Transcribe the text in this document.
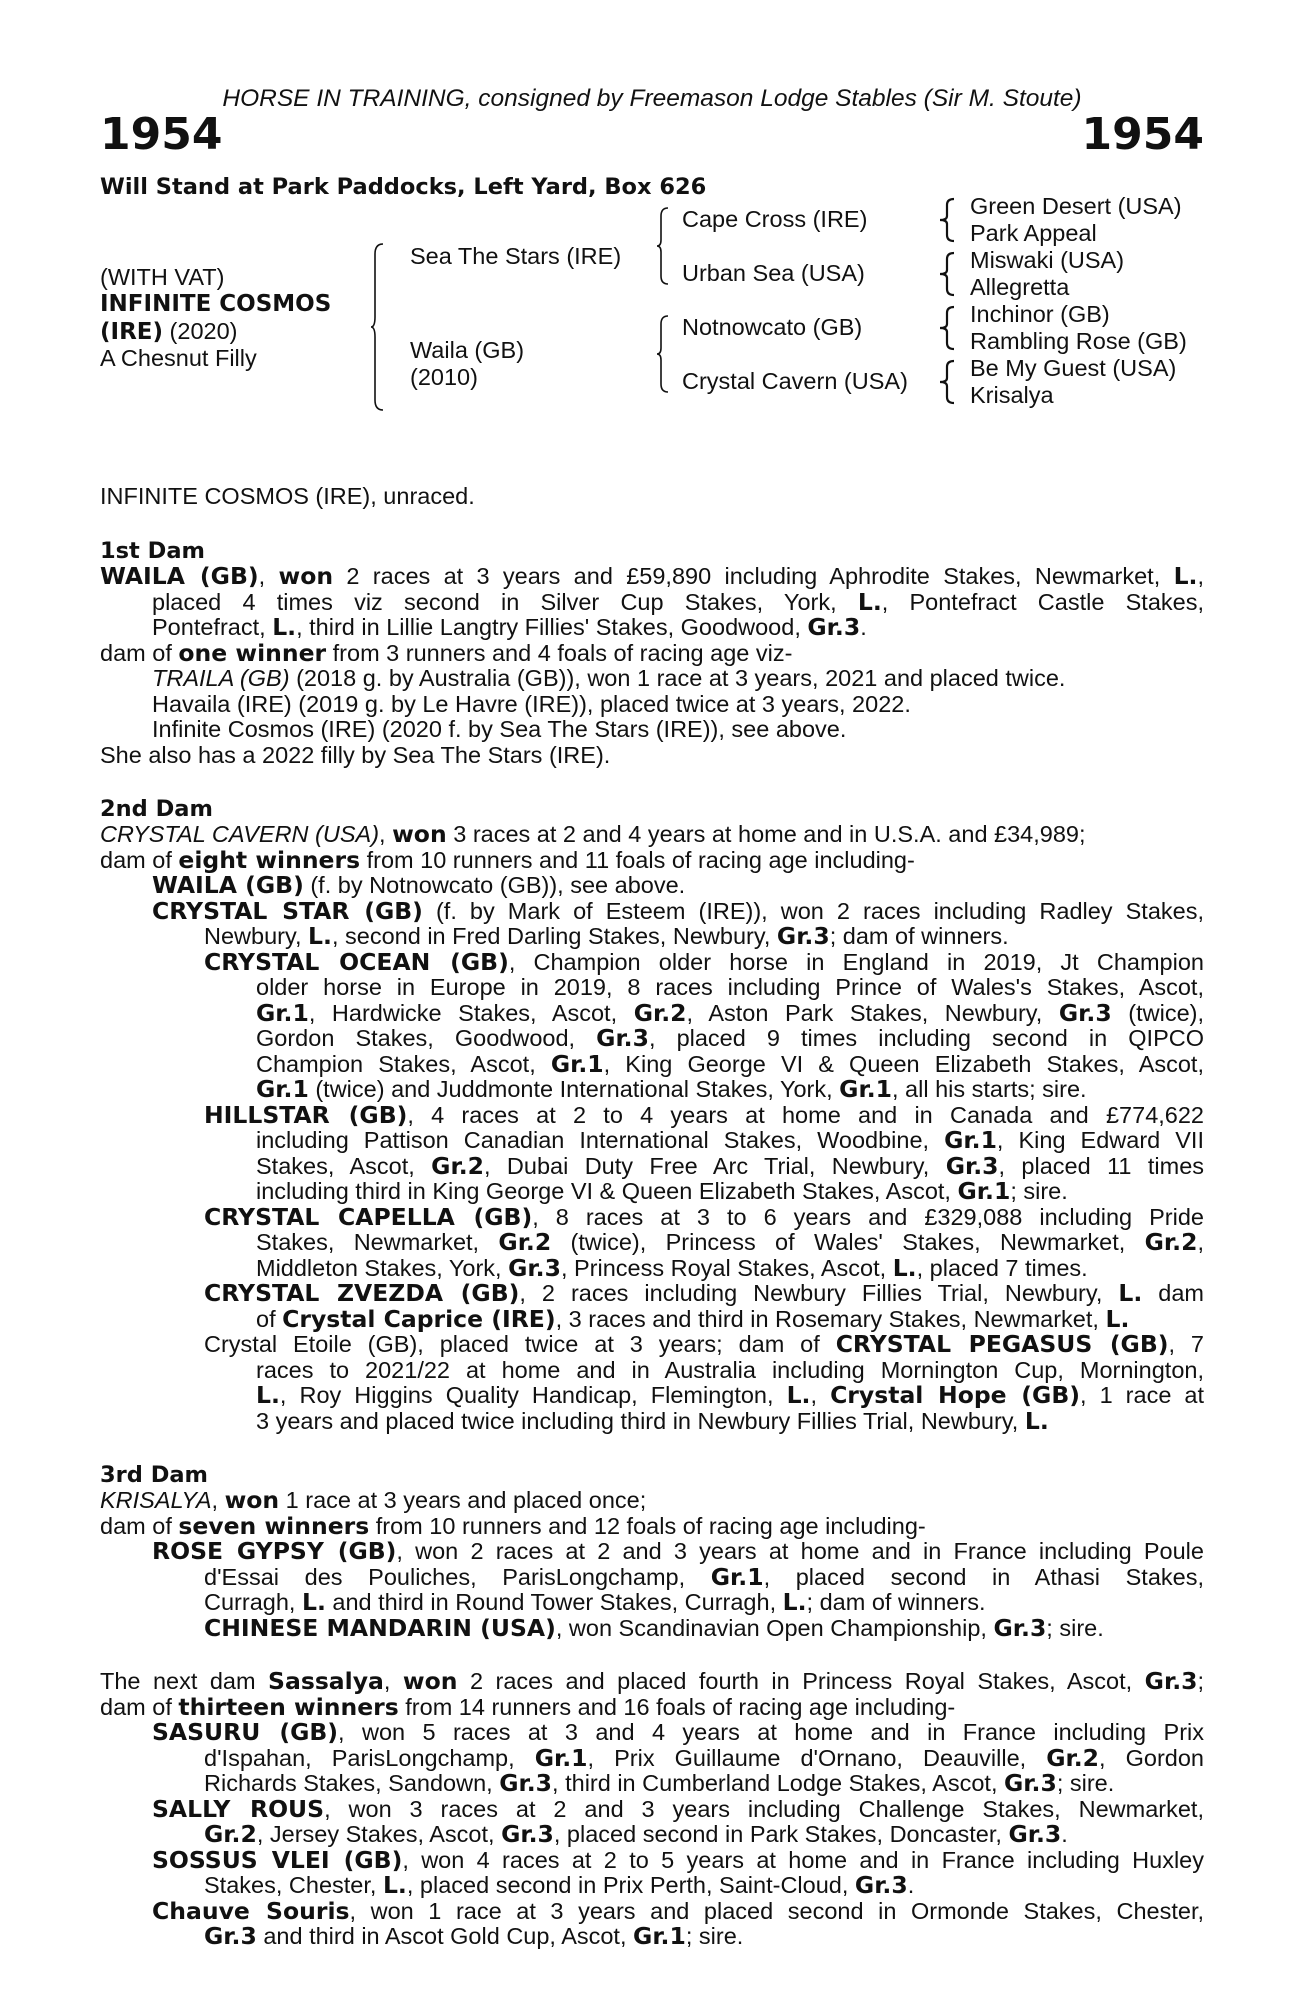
HORSE IN TRAINING, consigned by Freemason Lodge Stables (Sir M. Stoute)
1954	1954
Will Stand at Park Paddocks, Left Yard, Box 626
(WITH VAT)
INFINITE COSMOS
(IRE) (2020)
A Chesnut Filly
Sea The Stars (IRE)
Waila (GB)
(2010)
Cape Cross (IRE)
Urban Sea (USA)
Notnowcato (GB)
Crystal Cavern (USA)
Green Desert (USA)
Park Appeal
Miswaki (USA)
Allegretta
Inchinor (GB)
Rambling Rose (GB)
Be My Guest (USA)
Krisalya
INFINITE COSMOS (IRE), unraced.
1st Dam
WAILA (GB), won 2 races at 3 years and £59,890 including Aphrodite Stakes, Newmarket, L.,
placed 4 times viz second in Silver Cup Stakes, York, L., Pontefract Castle Stakes,
Pontefract, L., third in Lillie Langtry Fillies' Stakes, Goodwood, Gr.3.
dam of one winner from 3 runners and 4 foals of racing age viz-
TRAILA (GB) (2018 g. by Australia (GB)), won 1 race at 3 years, 2021 and placed twice.
Havaila (IRE) (2019 g. by Le Havre (IRE)), placed twice at 3 years, 2022.
Infinite Cosmos (IRE) (2020 f. by Sea The Stars (IRE)), see above.
She also has a 2022 filly by Sea The Stars (IRE).
2nd Dam
CRYSTAL CAVERN (USA), won 3 races at 2 and 4 years at home and in U.S.A. and £34,989;
dam of eight winners from 10 runners and 11 foals of racing age including-
WAILA (GB) (f. by Notnowcato (GB)), see above.
CRYSTAL STAR (GB) (f. by Mark of Esteem (IRE)), won 2 races including Radley Stakes,
Newbury, L., second in Fred Darling Stakes, Newbury, Gr.3; dam of winners.
CRYSTAL OCEAN (GB), Champion older horse in England in 2019, Jt Champion
older horse in Europe in 2019, 8 races including Prince of Wales's Stakes, Ascot,
Gr.1, Hardwicke Stakes, Ascot, Gr.2, Aston Park Stakes, Newbury, Gr.3 (twice),
Gordon Stakes, Goodwood, Gr.3, placed 9 times including second in QIPCO
Champion Stakes, Ascot, Gr.1, King George VI & Queen Elizabeth Stakes, Ascot,
Gr.1 (twice) and Juddmonte International Stakes, York, Gr.1, all his starts; sire.
HILLSTAR (GB), 4 races at 2 to 4 years at home and in Canada and £774,622
including Pattison Canadian International Stakes, Woodbine, Gr.1, King Edward VII
Stakes, Ascot, Gr.2, Dubai Duty Free Arc Trial, Newbury, Gr.3, placed 11 times
including third in King George VI & Queen Elizabeth Stakes, Ascot, Gr.1; sire.
CRYSTAL CAPELLA (GB), 8 races at 3 to 6 years and £329,088 including Pride
Stakes, Newmarket, Gr.2 (twice), Princess of Wales' Stakes, Newmarket, Gr.2,
Middleton Stakes, York, Gr.3, Princess Royal Stakes, Ascot, L., placed 7 times.
CRYSTAL ZVEZDA (GB), 2 races including Newbury Fillies Trial, Newbury, L. dam
of Crystal Caprice (IRE), 3 races and third in Rosemary Stakes, Newmarket, L.
Crystal Etoile (GB), placed twice at 3 years; dam of CRYSTAL PEGASUS (GB), 7
races to 2021/22 at home and in Australia including Mornington Cup, Mornington,
L., Roy Higgins Quality Handicap, Flemington, L., Crystal Hope (GB), 1 race at
3 years and placed twice including third in Newbury Fillies Trial, Newbury, L.
3rd Dam
KRISALYA, won 1 race at 3 years and placed once;
dam of seven winners from 10 runners and 12 foals of racing age including-
ROSE GYPSY (GB), won 2 races at 2 and 3 years at home and in France including Poule
d'Essai des Pouliches, ParisLongchamp, Gr.1, placed second in Athasi Stakes,
Curragh, L. and third in Round Tower Stakes, Curragh, L.; dam of winners.
CHINESE MANDARIN (USA), won Scandinavian Open Championship, Gr.3; sire.
The next dam Sassalya, won 2 races and placed fourth in Princess Royal Stakes, Ascot, Gr.3;
dam of thirteen winners from 14 runners and 16 foals of racing age including-
SASURU (GB), won 5 races at 3 and 4 years at home and in France including Prix
d'Ispahan, ParisLongchamp, Gr.1, Prix Guillaume d'Ornano, Deauville, Gr.2, Gordon
Richards Stakes, Sandown, Gr.3, third in Cumberland Lodge Stakes, Ascot, Gr.3; sire.
SALLY ROUS, won 3 races at 2 and 3 years including Challenge Stakes, Newmarket,
Gr.2, Jersey Stakes, Ascot, Gr.3, placed second in Park Stakes, Doncaster, Gr.3.
SOSSUS VLEI (GB), won 4 races at 2 to 5 years at home and in France including Huxley
Stakes, Chester, L., placed second in Prix Perth, Saint-Cloud, Gr.3.
Chauve Souris, won 1 race at 3 years and placed second in Ormonde Stakes, Chester,
Gr.3 and third in Ascot Gold Cup, Ascot, Gr.1; sire.
